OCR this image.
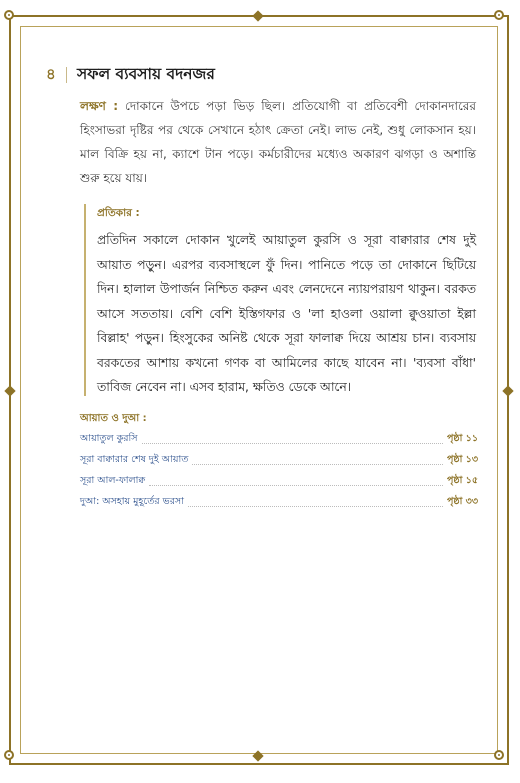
৪	সফল ব্যবসায় বদনজর
লক্ষণ : দোকানে উপচে পড়া ভিড় ছিল। প্রতিযোগী বা প্রতিবেশী দোকানদারের হিংসাভরা দৃষ্টির পর থেকে সেখানে হঠাৎ ক্রেতা নেই। লাভ নেই, শুধু লোকসান হয়। মাল বিক্রি হয় না, ক্যাশে টান পড়ে। কর্মচারীদের মধ্যেও অকারণ ঝগড়া ও অশান্তি শুরু হয়ে যায়।
প্রতিকার :
প্রতিদিন সকালে দোকান খুলেই আয়াতুল কুরসি ও সূরা বাক্বারার শেষ দুই আয়াত পড়ুন। এরপর ব্যবসাস্থলে ফুঁ দিন। পানিতে পড়ে তা দোকানে ছিটিয়ে দিন। হালাল উপার্জন নিশ্চিত করুন এবং লেনদেনে ন্যায়পরায়ণ থাকুন। বরকত আসে সততায়। বেশি বেশি ইস্তিগফার ও 'লা হাওলা ওয়ালা ক্বুওয়াতা ইল্লা বিল্লাহ' পড়ুন। হিংসুকের অনিষ্ট থেকে সূরা ফালাক্ব দিয়ে আশ্রয় চান। ব্যবসায় বরকতের আশায় কখনো গণক বা আমিলের কাছে যাবেন না। 'ব্যবসা বাঁধা' তাবিজ নেবেন না। এসব হারাম, ক্ষতিও ডেকে আনে।
আয়াত ও দুআ :
আয়াতুল কুরসি	পৃষ্ঠা ১১
সূরা বাক্বারার শেষ দুই আয়াত	পৃষ্ঠা ১৩
সূরা আল-ফালাক্ব	পৃষ্ঠা ১৫
দুআ: অসহায় মুহূর্তের ভরসা	পৃষ্ঠা ৩৩
